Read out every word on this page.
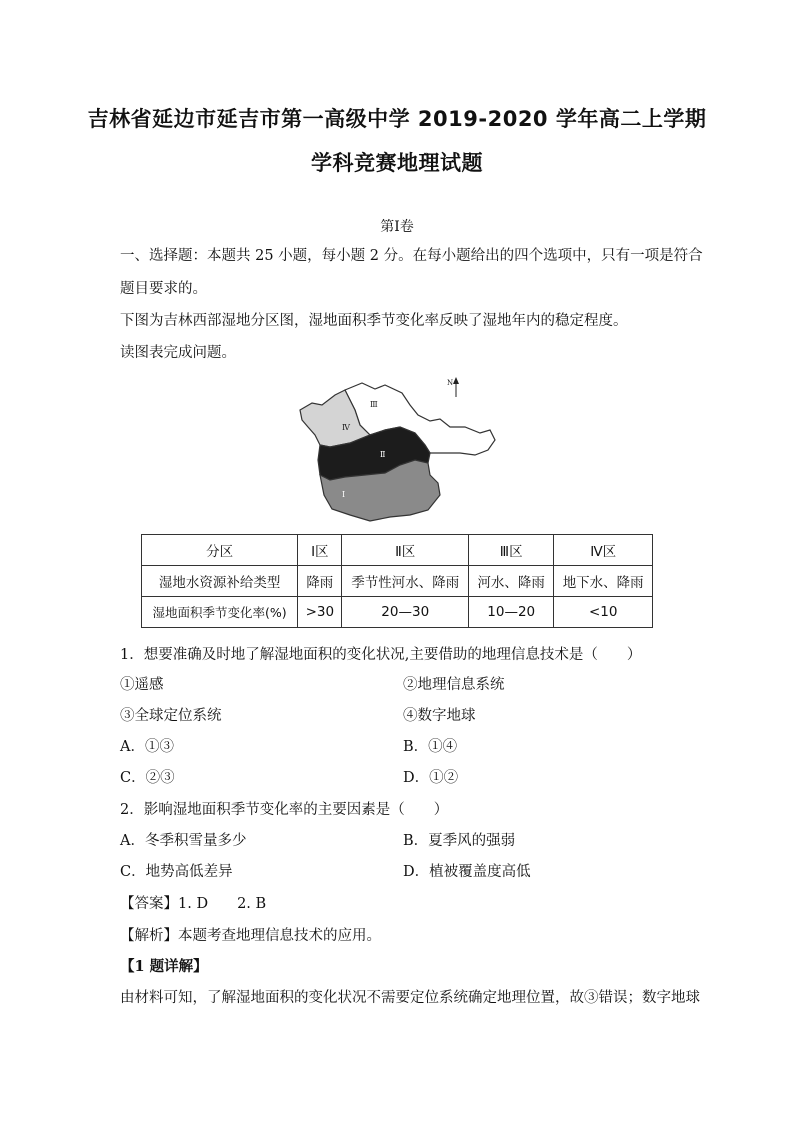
吉林省延边市延吉市第一高级中学 2019-2020 学年高二上学期
学科竞赛地理试题
第Ⅰ卷
一、选择题：本题共 25 小题，每小题 2 分。在每小题给出的四个选项中，只有一项是符合
题目要求的。
下图为吉林西部湿地分区图，湿地面积季节变化率反映了湿地年内的稳定程度。
读图表完成问题。
Ⅰ
Ⅱ
Ⅲ
Ⅳ
N
分区	Ⅰ区	Ⅱ区	Ⅲ区	Ⅳ区
湿地水资源补给类型	降雨	季节性河水、降雨	河水、降雨	地下水、降雨
湿地面积季节变化率(%)	>30	20—30	10—20	<10
1．想要准确及时地了解湿地面积的变化状况,主要借助的地理信息技术是（　　）
①遥感	②地理信息系统
③全球定位系统	④数字地球
A．①③	B．①④
C．②③	D．①②
2．影响湿地面积季节变化率的主要因素是（　　）
A．冬季积雪量多少	B．夏季风的强弱
C．地势高低差异	D．植被覆盖度高低
【答案】1. D　　2. B
【解析】本题考查地理信息技术的应用。
【1 题详解】
由材料可知，了解湿地面积的变化状况不需要定位系统确定地理位置，故③错误；数字地球
